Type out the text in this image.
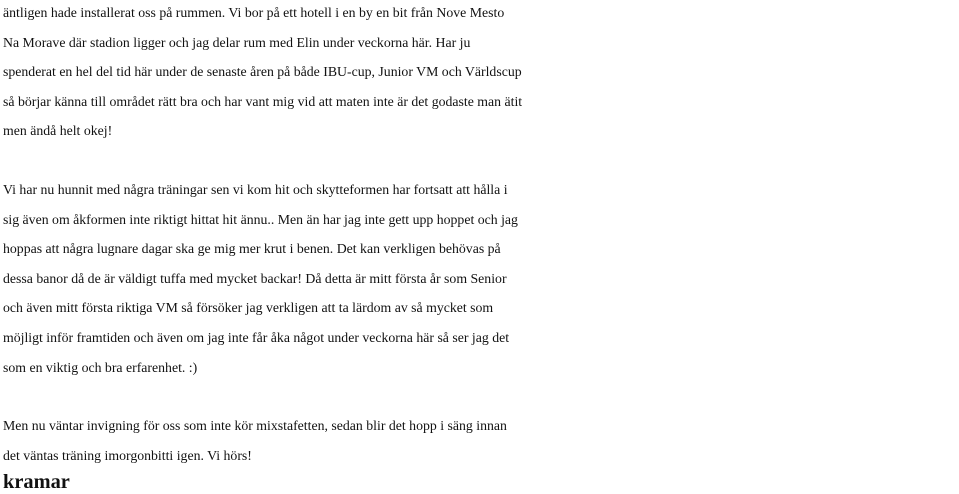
äntligen hade installerat oss på rummen. Vi bor på ett hotell i en by en bit från Nove Mesto
Na Morave där stadion ligger och jag delar rum med Elin under veckorna här. Har ju
spenderat en hel del tid här under de senaste åren på både IBU-cup, Junior VM och Världscup
så börjar känna till området rätt bra och har vant mig vid att maten inte är det godaste man ätit
men ändå helt okej!

Vi har nu hunnit med några träningar sen vi kom hit och skytteformen har fortsatt att hålla i
sig även om åkformen inte riktigt hittat hit ännu.. Men än har jag inte gett upp hoppet och jag
hoppas att några lugnare dagar ska ge mig mer krut i benen. Det kan verkligen behövas på
dessa banor då de är väldigt tuffa med mycket backar! Då detta är mitt första år som Senior
och även mitt första riktiga VM så försöker jag verkligen att ta lärdom av så mycket som
möjligt inför framtiden och även om jag inte får åka något under veckorna här så ser jag det
som en viktig och bra erfarenhet. :)

Men nu väntar invigning för oss som inte kör mixstafetten, sedan blir det hopp i säng innan
det väntas träning imorgonbitti igen. Vi hörs!
kramar
